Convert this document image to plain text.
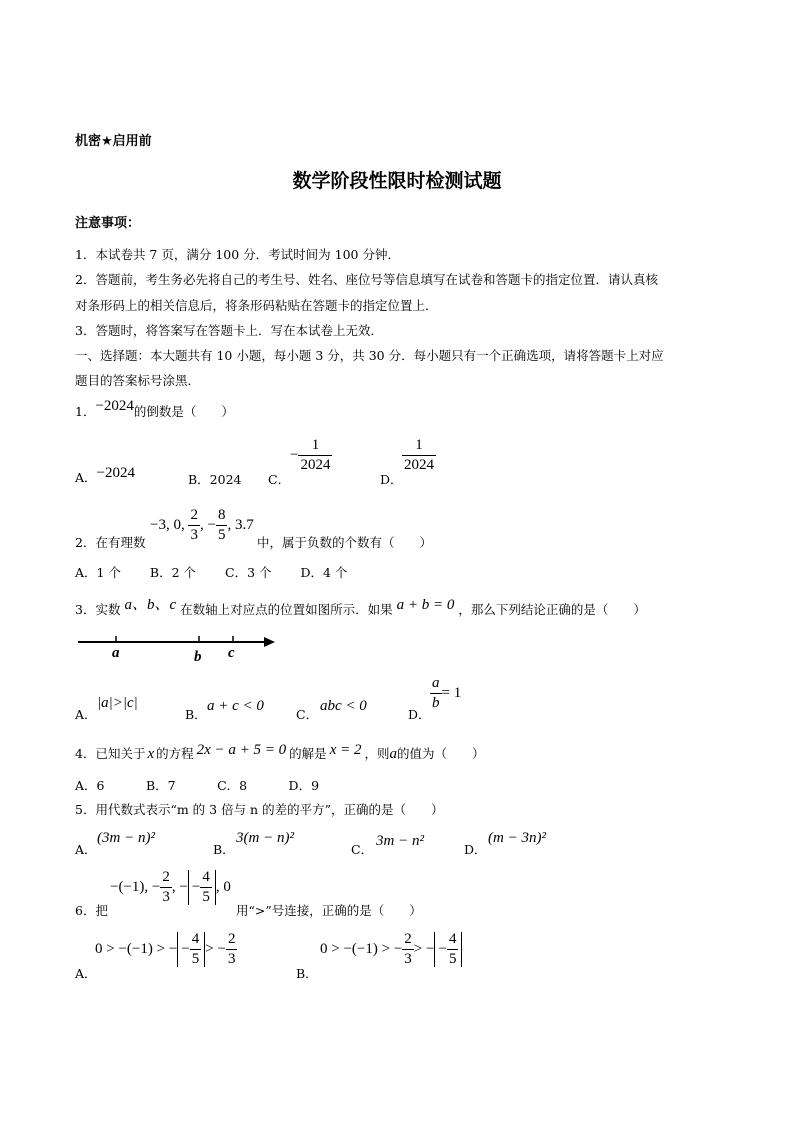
机密★启用前
数学阶段性限时检测试题
注意事项：
1．本试卷共 7 页，满分 100 分．考试时间为 100 分钟．
2．答题前，考生务必先将自己的考生号、姓名、座位号等信息填写在试卷和答题卡的指定位置．请认真核
对条形码上的相关信息后，将条形码粘贴在答题卡的指定位置上．
3．答题时，将答案写在答题卡上．写在本试卷上无效．
一、选择题：本大题共有 10 小题，每小题 3 分，共 30 分．每小题只有一个正确选项，请将答题卡上对应
题目的答案标号涂黑．
1．−2024的倒数是（　　）
A．−2024	B．2024 C．
− $\frac{1}{2024}$
D．
$\frac{1}{2024}$
2．在有理数
−3, 0, $\frac{2}{3}$ , − $\frac{8}{5}$ , 3.7
中，属于负数的个数有（　　）
A．1 个　　 B．2 个　　 C．3 个　　 D．4 个
3．实数 a、b、c 在数轴上对应点的位置如图所示．如果 a + b = 0 ，那么下列结论正确的是（　　）
a	b c
A．
|a|>|c|
B．
a + c < 0
C．
abc < 0
D．
$\frac{a}{b} = 1$
4．已知关于 x 的方程 2x − a + 5 = 0 的解是 x = 2 ，则a的值为（　　）
A．6　　　 B．7　　　 C．8　　　 D．9
5．用代数式表示“m 的 3 倍与 n 的差的平方”，正确的是（　　）
A．
(3m − n)²
B．
3(m − n)²
C．
3m − n²
D．
(m − 3n)²
6．把
−(−1), − $\frac{2}{3}$ , − − $\frac{4}{5}$ , 0
用“>”号连接，正确的是（　　）
A．
0 > −(−1) > − − $\frac{4}{5}$ > − $\frac{2}{3}$
B．
0 > −(−1) > − $\frac{2}{3}$ > − − $\frac{4}{5}$
